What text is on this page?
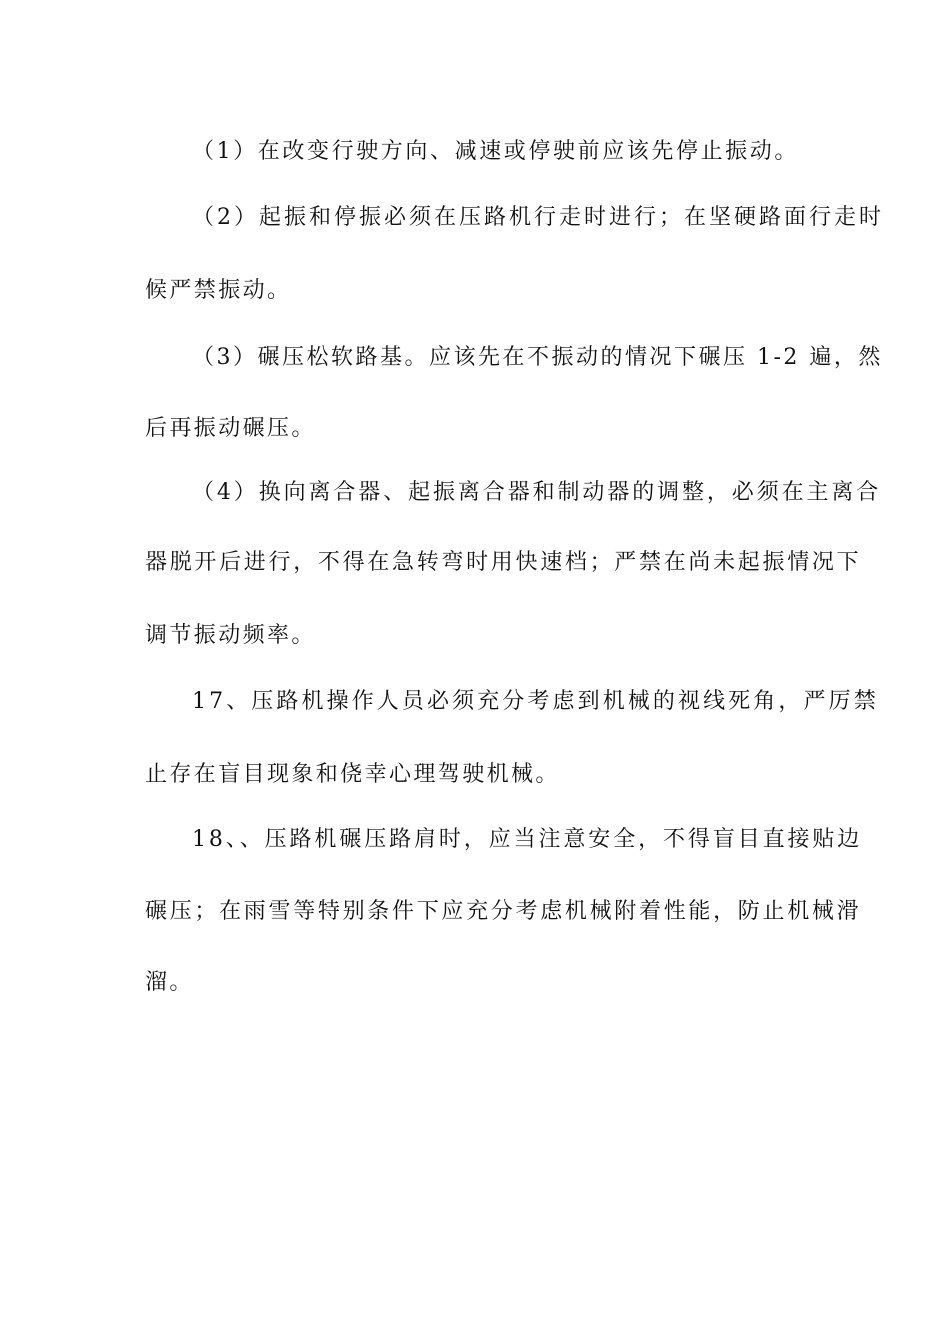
（1）在改变行驶方向、减速或停驶前应该先停止振动。

（2）起振和停振必须在压路机行走时进行；在坚硬路面行走时

候严禁振动。

（3）碾压松软路基。应该先在不振动的情况下碾压 1-2 遍，然

后再振动碾压。

（4）换向离合器、起振离合器和制动器的调整，必须在主离合

器脱开后进行，不得在急转弯时用快速档；严禁在尚未起振情况下

调节振动频率。

17、压路机操作人员必须充分考虑到机械的视线死角，严厉禁

止存在盲目现象和侥幸心理驾驶机械。

18、、压路机碾压路肩时，应当注意安全，不得盲目直接贴边

碾压；在雨雪等特别条件下应充分考虑机械附着性能，防止机械滑

溜。
